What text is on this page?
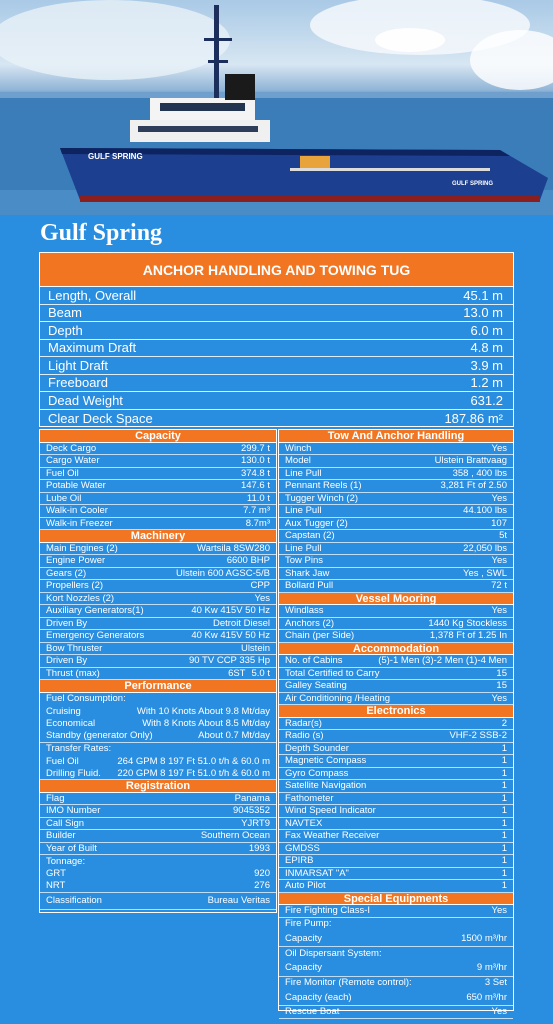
GULF SPRING
GULF SPRING
Gulf Spring
ANCHOR HANDLING AND TOWING TUG
Length, Overall	45.1 m
Beam	13.0 m
Depth	6.0 m
Maximum Draft	4.8 m
Light Draft	3.9 m
Freeboard	1.2 m
Dead Weight	631.2
Clear Deck Space	187.86 m²
Capacity
Deck Cargo	299.7 t
Cargo Water	130.0 t
Fuel Oil	374.8 t
Potable Water	147.6 t
Lube Oil	11.0 t
Walk-in Cooler	7.7 m³
Walk-in Freezer	8.7m³
Machinery
Main Engines (2)	Wartsila 8SW280
Engine Power	6600 BHP
Gears (2)	Ulstein 600 AGSC-5/B
Propellers (2)	CPP
Kort Nozzles (2)	Yes
Auxiliary Generators(1)	40 Kw 415V 50 Hz
Driven By	Detroit Diesel
Emergency Generators	40 Kw 415V 50 Hz
Bow Thruster	Ulstein
Driven By	90 TV CCP 335 Hp
Thrust (max)	6ST 5.0 t
Performance
Fuel Consumption:
Cruising	With 10 Knots About 9.8 Mt/day
Economical	With 8 Knots About 8.5 Mt/day
Standby (generator Only)	About 0.7 Mt/day
Transfer Rates:
Fuel Oil	264 GPM 8 197 Ft 51.0 t/h & 60.0 m
Drilling Fluid. 220 GPM 8 197 Ft 51.0 t/h & 60.0 m
Registration
Flag	Panama
IMO Number	9045352
Call Sign	YJRT9
Builder	Southern Ocean
Year of Built	1993
Tonnage:
GRT	920
NRT	276
Classification	Bureau Veritas
Tow And Anchor Handling
Winch	Yes
Model	Ulstein Brattvaag
Line Pull	358 , 400 lbs
Pennant Reels (1)	3,281 Ft of 2.50
Tugger Winch (2)	Yes
Line Pull	44.100 lbs
Aux Tugger (2)	107
Capstan (2)	5t
Line Pull	22,050 lbs
Tow Pins	Yes
Shark Jaw	Yes , SWL
Bollard Pull	72 t
Vessel Mooring
Windlass	Yes
Anchors (2)	1440 Kg Stockless
Chain (per Side)	1,378 Ft of 1.25 In
Accommodation
No. of Cabins	(5)-1 Men (3)-2 Men (1)-4 Men
Total Certified to Carry	15
Galley Seating	15
Air Conditioning /Heating	Yes
Electronics
Radar(s)	2
Radio (s)	VHF-2 SSB-2
Depth Sounder	1
Magnetic Compass	1
Gyro Compass	1
Satellite Navigation	1
Fathometer	1
Wind Speed Indicator	1
NAVTEX	1
Fax Weather Receiver	1
GMDSS	1
EPIRB	1
INMARSAT "A"	1
Auto Pilot	1
Special Equipments
Fire Fighting Class-I	Yes
Fire Pump:
Capacity	1500 m³/hr
Oil Dispersant System:
Capacity	9 m³/hr
Fire Monitor (Remote control):	3 Set
Capacity (each)	650 m³/hr
Rescue Boat	Yes
